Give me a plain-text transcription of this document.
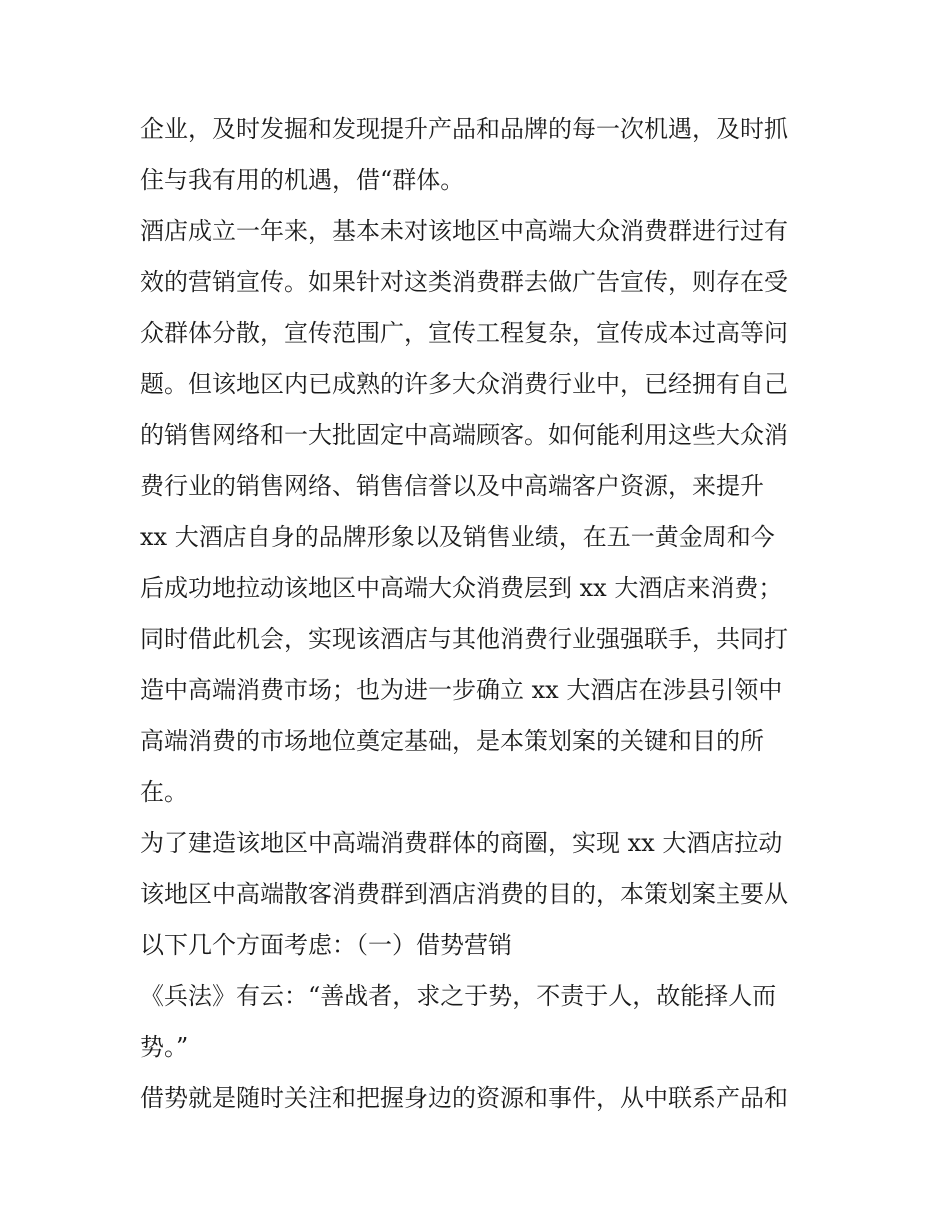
企业，及时发掘和发现提升产品和品牌的每一次机遇，及时抓
住与我有用的机遇，借“群体。
酒店成立一年来，基本未对该地区中高端大众消费群进行过有
效的营销宣传。如果针对这类消费群去做广告宣传，则存在受
众群体分散，宣传范围广，宣传工程复杂，宣传成本过高等问
题。但该地区内已成熟的许多大众消费行业中，已经拥有自己
的销售网络和一大批固定中高端顾客。如何能利用这些大众消
费行业的销售网络、销售信誉以及中高端客户资源，来提升
xx 大酒店自身的品牌形象以及销售业绩，在五一黄金周和今
后成功地拉动该地区中高端大众消费层到 xx 大酒店来消费；
同时借此机会，实现该酒店与其他消费行业强强联手，共同打
造中高端消费市场；也为进一步确立 xx 大酒店在涉县引领中
高端消费的市场地位奠定基础，是本策划案的关键和目的所
在。
为了建造该地区中高端消费群体的商圈，实现 xx 大酒店拉动
该地区中高端散客消费群到酒店消费的目的，本策划案主要从
以下几个方面考虑：（一）借势营销
《兵法》有云：“善战者，求之于势，不责于人，故能择人而
势。”
借势就是随时关注和把握身边的资源和事件，从中联系产品和
